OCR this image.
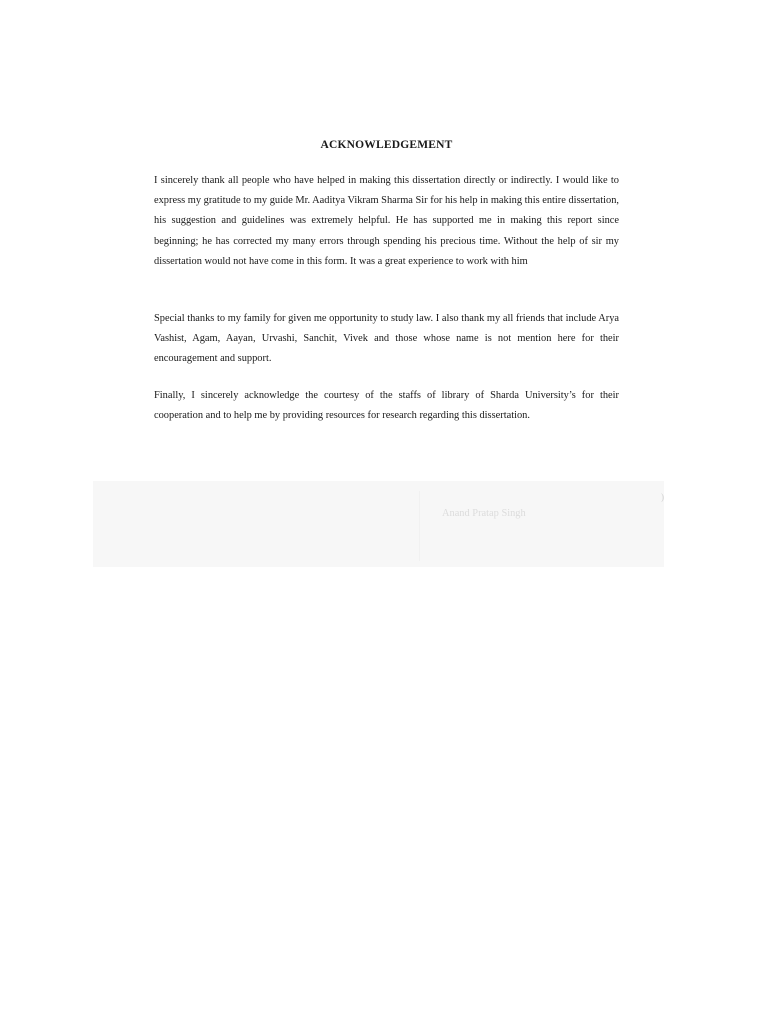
ACKNOWLEDGEMENT

I sincerely thank all people who have helped in making this dissertation directly or indirectly. I would like to express my gratitude to my guide Mr. Aaditya Vikram Sharma Sir for his help in making this entire dissertation, his suggestion and guidelines was extremely helpful. He has supported me in making this report since beginning; he has corrected my many errors through spending his precious time. Without the help of sir my dissertation would not have come in this form. It was a great experience to work with him

Special thanks to my family for given me opportunity to study law. I also thank my all friends that include Arya Vashist, Agam, Aayan, Urvashi, Sanchit, Vivek and those whose name is not mention here for their encouragement and support.

Finally, I sincerely acknowledge the courtesy of the staffs of library of Sharda University’s for their cooperation and to help me by providing resources for research regarding this dissertation.

Anand Pratap Singh
)
